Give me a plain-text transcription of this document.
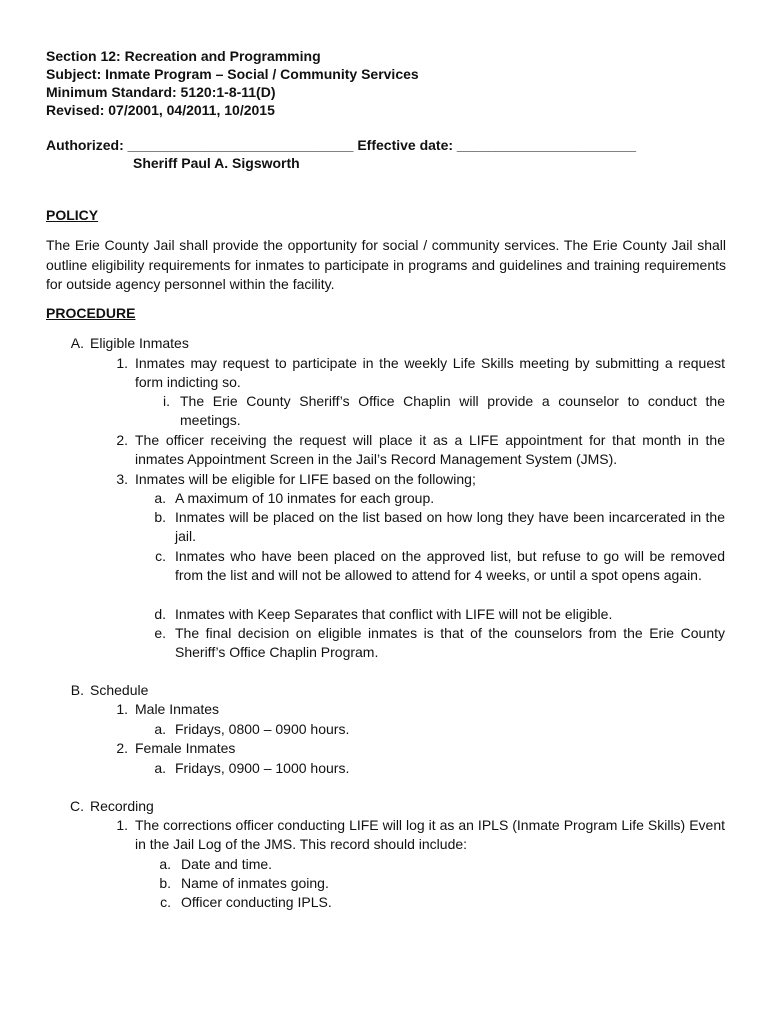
Section 12: Recreation and Programming
Subject: Inmate Program – Social / Community Services
Minimum Standard: 5120:1-8-11(D)
Revised: 07/2001, 04/2011, 10/2015
Authorized: _____________________________ Effective date: _______________________
Sheriff Paul A. Sigsworth
POLICY
The Erie County Jail shall provide the opportunity for social / community services. The Erie County Jail shall outline eligibility requirements for inmates to participate in programs and guidelines and training requirements for outside agency personnel within the facility.
PROCEDURE
A. Eligible Inmates
1. Inmates may request to participate in the weekly Life Skills meeting by submitting a request form indicting so.
i. The Erie County Sheriff’s Office Chaplin will provide a counselor to conduct the meetings.
2. The officer receiving the request will place it as a LIFE appointment for that month in the inmates Appointment Screen in the Jail’s Record Management System (JMS).
3. Inmates will be eligible for LIFE based on the following;
a. A maximum of 10 inmates for each group.
b. Inmates will be placed on the list based on how long they have been incarcerated in the jail.
c. Inmates who have been placed on the approved list, but refuse to go will be removed from the list and will not be allowed to attend for 4 weeks, or until a spot opens again.
d. Inmates with Keep Separates that conflict with LIFE will not be eligible.
e. The final decision on eligible inmates is that of the counselors from the Erie County Sheriff’s Office Chaplin Program.
B. Schedule
1. Male Inmates
a. Fridays, 0800 – 0900 hours.
2. Female Inmates
a. Fridays, 0900 – 1000 hours.
C. Recording
1. The corrections officer conducting LIFE will log it as an IPLS (Inmate Program Life Skills) Event in the Jail Log of the JMS. This record should include:
a. Date and time.
b. Name of inmates going.
c. Officer conducting IPLS.
